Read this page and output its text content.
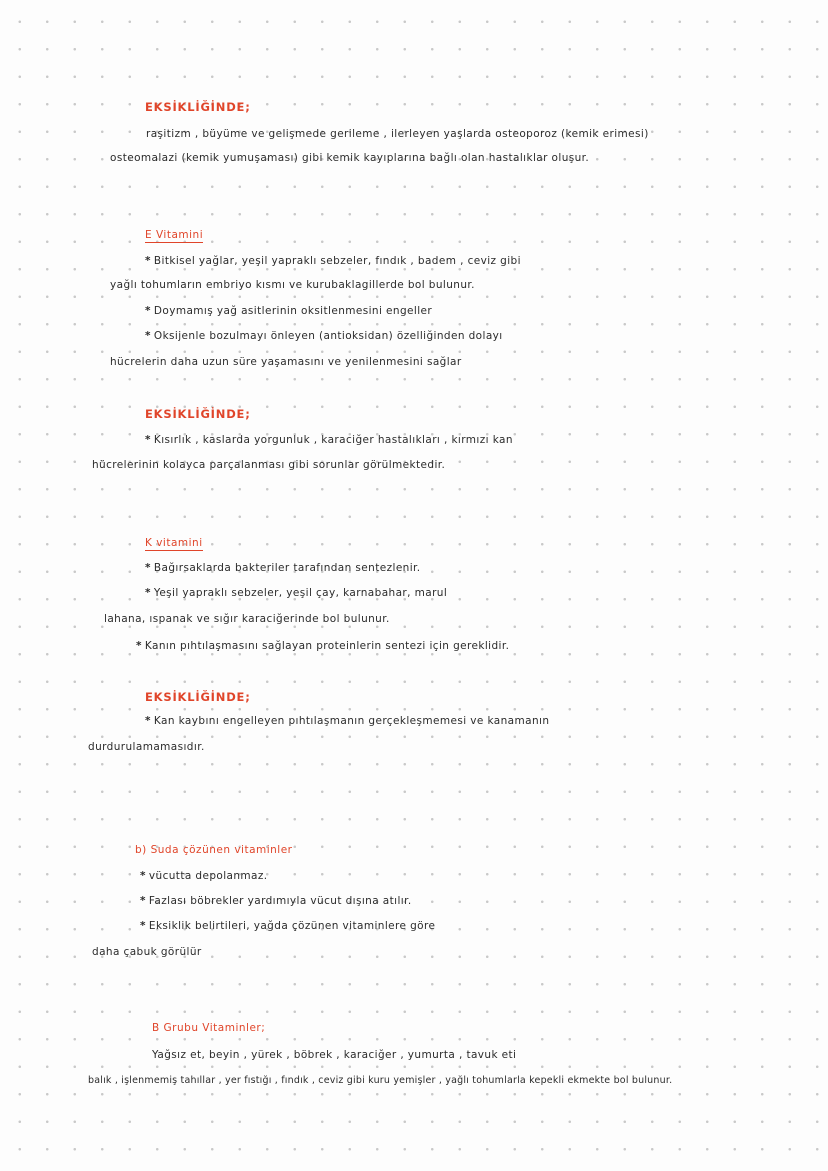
EKSİKLİĞİNDE;
raşitizm , büyüme ve gelişmede gerileme , ilerleyen yaşlarda osteoporoz (kemik erimesi)
osteomalazi (kemik yumuşaması) gibi kemik kayıplarına bağlı olan hastalıklar oluşur.
E Vitamini
* Bitkisel yağlar, yeşil yapraklı sebzeler, fındık , badem , ceviz gibi
yağlı tohumların embriyo kısmı ve kurubaklagillerde bol bulunur.
* Doymamış yağ asitlerinin oksitlenmesini engeller
* Oksijenle bozulmayı önleyen (antioksidan) özelliğinden dolayı
hücrelerin daha uzun süre yaşamasını ve yenilenmesini sağlar
EKSİKLİĞİNDE;
* Kısırlık , kaslarda yorgunluk , karaciğer hastalıkları , kırmızı kan
hücrelerinin kolayca parçalanması gibi sorunlar görülmektedir.
K vitamini
* Bağırsaklarda bakteriler tarafından sentezlenir.
* Yeşil yapraklı sebzeler, yeşil çay, karnabahar, marul
lahana, ıspanak ve sığır karaciğerinde bol bulunur.
* Kanın pıhtılaşmasını sağlayan proteinlerin sentezi için gereklidir.
EKSİKLİĞİNDE;
* Kan kaybını engelleyen pıhtılaşmanın gerçekleşmemesi ve kanamanın
durdurulamamasıdır.
b) Suda çözünen vitaminler
* vücutta depolanmaz.
* Fazlası böbrekler yardımıyla vücut dışına atılır.
* Eksiklik belirtileri, yağda çözünen vitaminlere göre
daha çabuk görülür
B Grubu Vitaminler;
Yağsız et, beyin , yürek , böbrek , karaciğer , yumurta , tavuk eti
balık , işlenmemiş tahıllar , yer fıstığı , fındık , ceviz gibi kuru yemişler , yağlı tohumlarla kepekli ekmekte bol bulunur.
